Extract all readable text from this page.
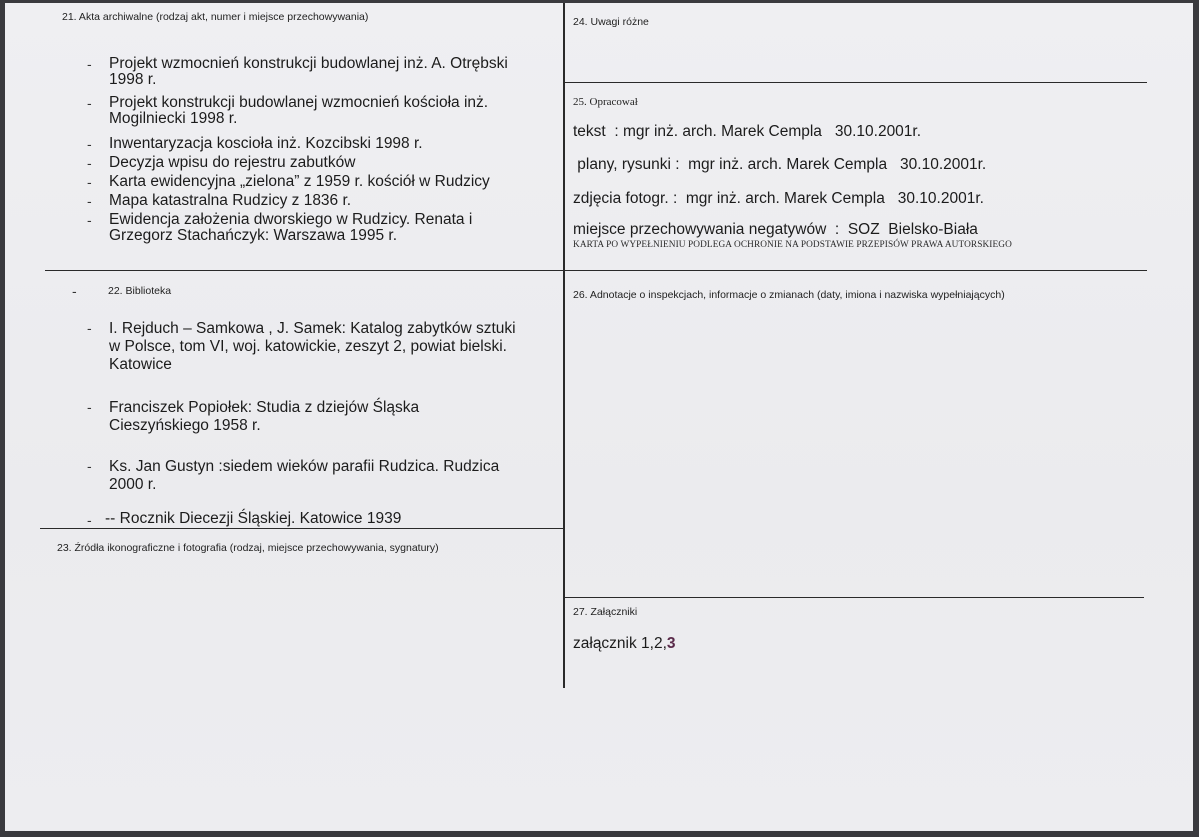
21. Akta archiwalne (rodzaj akt, numer i miejsce przechowywania)
- Projekt wzmocnień konstrukcji budowlanej inż. A. Otrębski
1998 r.
- Projekt konstrukcji budowlanej wzmocnień kościoła inż.
Mogilniecki 1998 r.
- Inwentaryzacja koscioła inż. Kozcibski 1998 r.
- Decyzja wpisu do rejestru zabutków
- Karta ewidencyjna „zielona” z 1959 r. kościół w Rudzicy
- Mapa katastralna Rudzicy z 1836 r.
- Ewidencja założenia dworskiego w Rudzicy. Renata i
Grzegorz Stachańczyk: Warszawa 1995 r.
-	22. Biblioteka
- I. Rejduch – Samkowa , J. Samek: Katalog zabytków sztuki
w Polsce, tom VI, woj. katowickie, zeszyt 2, powiat bielski.
Katowice
- Franciszek Popiołek: Studia z dziejów Śląska
Cieszyńskiego 1958 r.
- Ks. Jan Gustyn :siedem wieków parafii Rudzica. Rudzica
2000 r.
- -- Rocznik Diecezji Śląskiej. Katowice 1939
23. Źródła ikonograficzne i fotografia (rodzaj, miejsce przechowywania, sygnatury)
24. Uwagi różne
25. Opracował
tekst  : mgr inż. arch. Marek Cempla   30.10.2001r.
plany, rysunki :  mgr inż. arch. Marek Cempla   30.10.2001r.
zdjęcia fotogr. :  mgr inż. arch. Marek Cempla   30.10.2001r.
miejsce przechowywania negatywów  :  SOZ  Bielsko-Biała
KARTA PO WYPEŁNIENIU PODLEGA OCHRONIE NA PODSTAWIE PRZEPISÓW PRAWA AUTORSKIEGO
26. Adnotacje o inspekcjach, informacje o zmianach (daty, imiona i nazwiska wypełniających)
27. Załączniki
załącznik 1,2,3
